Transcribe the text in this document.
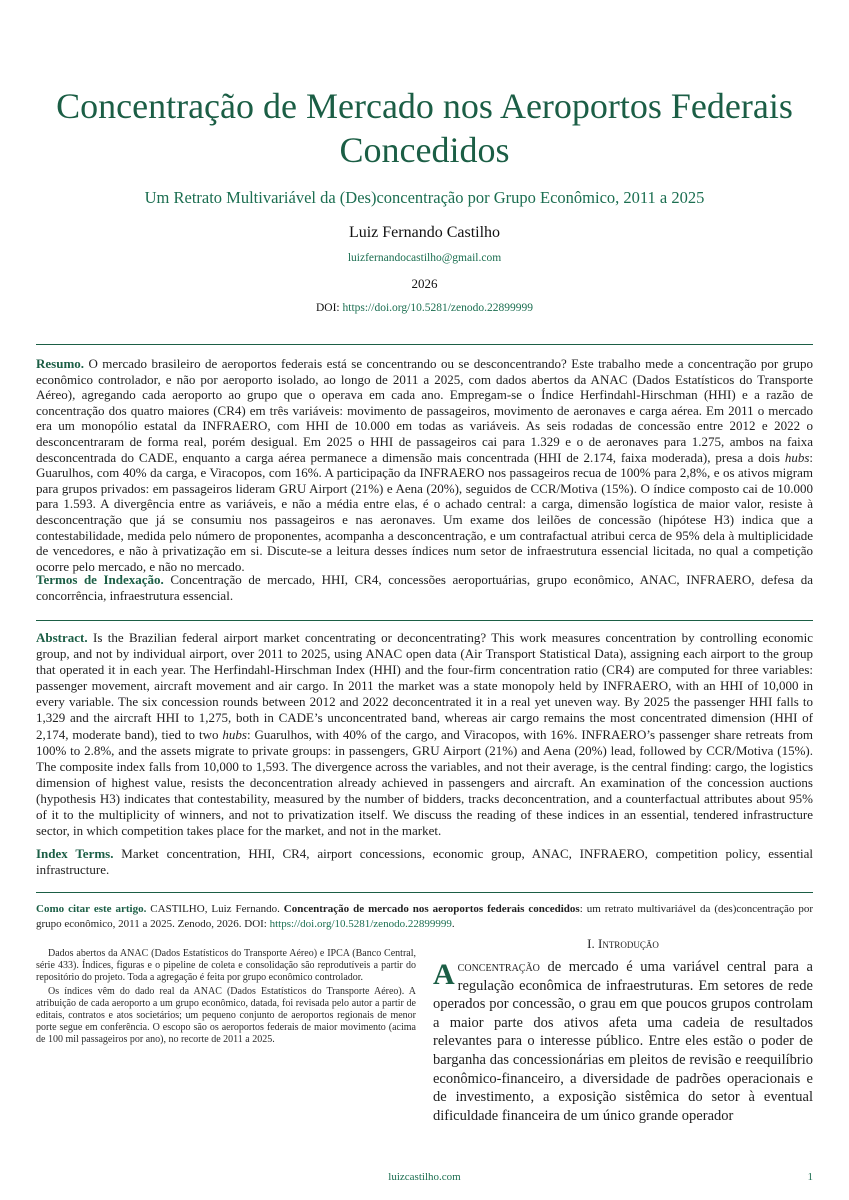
Concentração de Mercado nos Aeroportos Federais
Concedidos
Um Retrato Multivariável da (Des)concentração por Grupo Econômico, 2011 a 2025
Luiz Fernando Castilho
luizfernandocastilho@gmail.com
2026
DOI: https://doi.org/10.5281/zenodo.22899999
Resumo. O mercado brasileiro de aeroportos federais está se concentrando ou se desconcentrando? Este trabalho mede a concentração por grupo econômico controlador, e não por aeroporto isolado, ao longo de 2011 a 2025, com dados abertos da ANAC (Dados Estatísticos do Transporte Aéreo), agregando cada aeroporto ao grupo que o operava em cada ano. Empregam-se o Índice Herfindahl-Hirschman (HHI) e a razão de concentração dos quatro maiores (CR4) em três variáveis: movimento de passageiros, movimento de aeronaves e carga aérea. Em 2011 o mercado era um monopólio estatal da INFRAERO, com HHI de 10.000 em todas as variáveis. As seis rodadas de concessão entre 2012 e 2022 o desconcentraram de forma real, porém desigual. Em 2025 o HHI de passageiros cai para 1.329 e o de aeronaves para 1.275, ambos na faixa desconcentrada do CADE, enquanto a carga aérea permanece a dimensão mais concentrada (HHI de 2.174, faixa moderada), presa a dois hubs: Guarulhos, com 40% da carga, e Viracopos, com 16%. A participação da INFRAERO nos passageiros recua de 100% para 2,8%, e os ativos migram para grupos privados: em passageiros lideram GRU Airport (21%) e Aena (20%), seguidos de CCR/Motiva (15%). O índice composto cai de 10.000 para 1.593. A divergência entre as variáveis, e não a média entre elas, é o achado central: a carga, dimensão logística de maior valor, resiste à desconcentração que já se consumiu nos passageiros e nas aeronaves. Um exame dos leilões de concessão (hipótese H3) indica que a contestabilidade, medida pelo número de proponentes, acompanha a desconcentração, e um contrafactual atribui cerca de 95% dela à multiplicidade de vencedores, e não à privatização em si. Discute-se a leitura desses índices num setor de infraestrutura essencial licitada, no qual a competição ocorre pelo mercado, e não no mercado.
Termos de Indexação. Concentração de mercado, HHI, CR4, concessões aeroportuárias, grupo econômico, ANAC, INFRAERO, defesa da concorrência, infraestrutura essencial.
Abstract. Is the Brazilian federal airport market concentrating or deconcentrating? This work measures concentration by controlling economic group, and not by individual airport, over 2011 to 2025, using ANAC open data (Air Transport Statistical Data), assigning each airport to the group that operated it in each year. The Herfindahl-Hirschman Index (HHI) and the four-firm concentration ratio (CR4) are computed for three variables: passenger movement, aircraft movement and air cargo. In 2011 the market was a state monopoly held by INFRAERO, with an HHI of 10,000 in every variable. The six concession rounds between 2012 and 2022 deconcentrated it in a real yet uneven way. By 2025 the passenger HHI falls to 1,329 and the aircraft HHI to 1,275, both in CADE’s unconcentrated band, whereas air cargo remains the most concentrated dimension (HHI of 2,174, moderate band), tied to two hubs: Guarulhos, with 40% of the cargo, and Viracopos, with 16%. INFRAERO’s passenger share retreats from 100% to 2.8%, and the assets migrate to private groups: in passengers, GRU Airport (21%) and Aena (20%) lead, followed by CCR/Motiva (15%). The composite index falls from 10,000 to 1,593. The divergence across the variables, and not their average, is the central finding: cargo, the logistics dimension of highest value, resists the deconcentration already achieved in passengers and aircraft. An examination of the concession auctions (hypothesis H3) indicates that contestability, measured by the number of bidders, tracks deconcentration, and a counterfactual attributes about 95% of it to the multiplicity of winners, and not to privatization itself. We discuss the reading of these indices in an essential, tendered infrastructure sector, in which competition takes place for the market, and not in the market.
Index Terms. Market concentration, HHI, CR4, airport concessions, economic group, ANAC, INFRAERO, competition policy, essential infrastructure.
Como citar este artigo. CASTILHO, Luiz Fernando. Concentração de mercado nos aeroportos federais concedidos: um retrato multivariável da (des)concentração por grupo econômico, 2011 a 2025. Zenodo, 2026. DOI: https://doi.org/10.5281/zenodo.22899999.

Dados abertos da ANAC (Dados Estatísticos do Transporte Aéreo) e IPCA (Banco Central, série 433). Índices, figuras e o pipeline de coleta e consolidação são reprodutíveis a partir do repositório do projeto. Toda a agregação é feita por grupo econômico controlador.

Os índices vêm do dado real da ANAC (Dados Estatísticos do Transporte Aéreo). A atribuição de cada aeroporto a um grupo econômico, datada, foi revisada pelo autor a partir de editais, contratos e atos societários; um pequeno conjunto de aeroportos regionais de menor porte segue em conferência. O escopo são os aeroportos federais de maior movimento (acima de 100 mil passageiros por ano), no recorte de 2011 a 2025.

I. Introdução
A concentração de mercado é uma variável central para a regulação econômica de infraestruturas. Em setores de rede operados por concessão, o grau em que poucos grupos controlam a maior parte dos ativos afeta uma cadeia de resultados relevantes para o interesse público. Entre eles estão o poder de barganha das concessionárias em pleitos de revisão e reequilíbrio econômico-financeiro, a diversidade de padrões operacionais e de investimento, a exposição sistêmica do setor à eventual dificuldade financeira de um único grande operador
luizcastilho.com	1
